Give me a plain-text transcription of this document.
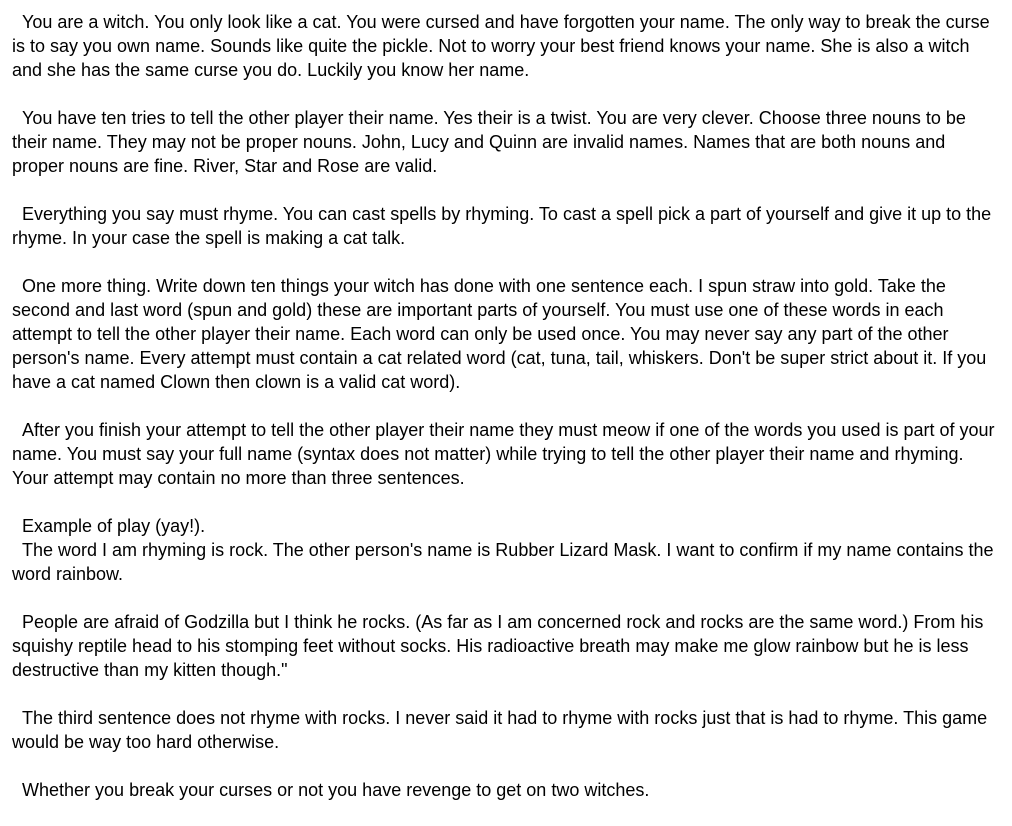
You are a witch. You only look like a cat. You were cursed and have forgotten your name. The only way to break the curse is to say you own name. Sounds like quite the pickle. Not to worry your best friend knows your name. She is also a witch and she has the same curse you do. Luckily you know her name.

You have ten tries to tell the other player their name. Yes their is a twist. You are very clever. Choose three nouns to be their name. They may not be proper nouns. John, Lucy and Quinn are invalid names. Names that are both nouns and proper nouns are fine. River, Star and Rose are valid.

Everything you say must rhyme. You can cast spells by rhyming. To cast a spell pick a part of yourself and give it up to the rhyme. In your case the spell is making a cat talk.

One more thing. Write down ten things your witch has done with one sentence each. I spun straw into gold. Take the second and last word (spun and gold) these are important parts of yourself. You must use one of these words in each attempt to tell the other player their name. Each word can only be used once. You may never say any part of the other person's name. Every attempt must contain a cat related word (cat, tuna, tail, whiskers. Don't be super strict about it. If you have a cat named Clown then clown is a valid cat word).

After you finish your attempt to tell the other player their name they must meow if one of the words you used is part of your name. You must say your full name (syntax does not matter) while trying to tell the other player their name and rhyming. Your attempt may contain no more than three sentences.

Example of play (yay!).

The word I am rhyming is rock. The other person's name is Rubber Lizard Mask. I want to confirm if my name contains the word rainbow.

People are afraid of Godzilla but I think he rocks. (As far as I am concerned rock and rocks are the same word.) From his squishy reptile head to his stomping feet without socks. His radioactive breath may make me glow rainbow but he is less destructive than my kitten though."

The third sentence does not rhyme with rocks. I never said it had to rhyme with rocks just that is had to rhyme. This game would be way too hard otherwise.

Whether you break your curses or not you have revenge to get on two witches.
